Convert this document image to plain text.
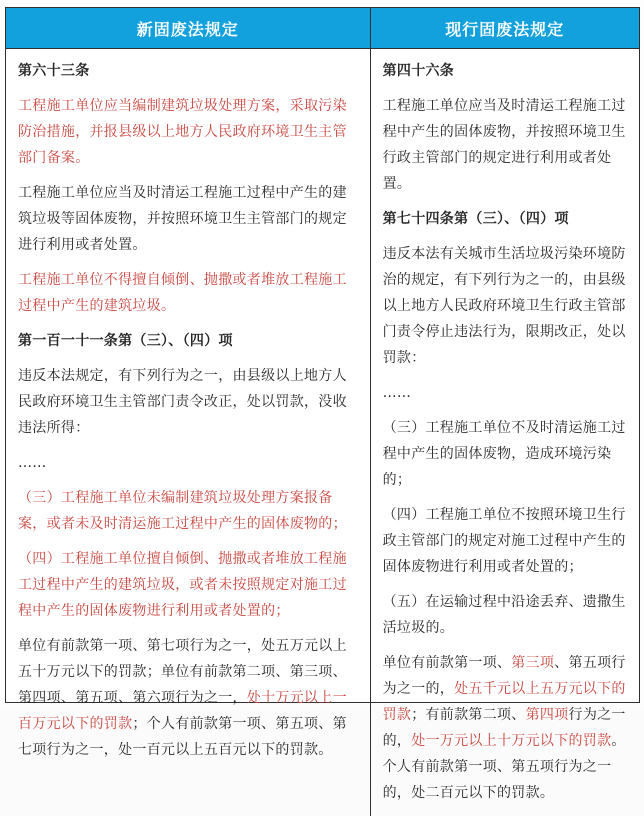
新固废法规定	现行固废法规定

第六十三条

工程施工单位应当编制建筑垃圾处理方案，采取污染防治措施，并报县级以上地方人民政府环境卫生主管部门备案。

工程施工单位应当及时清运工程施工过程中产生的建筑垃圾等固体废物，并按照环境卫生主管部门的规定进行利用或者处置。

工程施工单位不得擅自倾倒、抛撒或者堆放工程施工过程中产生的建筑垃圾。

第一百一十一条第（三）、（四）项

违反本法规定，有下列行为之一，由县级以上地方人民政府环境卫生主管部门责令改正，处以罚款，没收违法所得：

……

（三）工程施工单位未编制建筑垃圾处理方案报备案，或者未及时清运施工过程中产生的固体废物的；

（四）工程施工单位擅自倾倒、抛撒或者堆放工程施工过程中产生的建筑垃圾，或者未按照规定对施工过程中产生的固体废物进行利用或者处置的；

单位有前款第一项、第七项行为之一，处五万元以上五十万元以下的罚款；单位有前款第二项、第三项、第四项、第五项、第六项行为之一，处十万元以上一百万元以下的罚款；个人有前款第一项、第五项、第七项行为之一，处一百元以上五百元以下的罚款。

第四十六条

工程施工单位应当及时清运工程施工过程中产生的固体废物，并按照环境卫生行政主管部门的规定进行利用或者处置。

第七十四条第（三）、（四）项

违反本法有关城市生活垃圾污染环境防治的规定，有下列行为之一的，由县级以上地方人民政府环境卫生行政主管部门责令停止违法行为，限期改正，处以罚款：

……

（三）工程施工单位不及时清运施工过程中产生的固体废物，造成环境污染的；

（四）工程施工单位不按照环境卫生行政主管部门的规定对施工过程中产生的固体废物进行利用或者处置的；

（五）在运输过程中沿途丢弃、遗撒生活垃圾的。

单位有前款第一项、第三项、第五项行为之一的，处五千元以上五万元以下的罚款；有前款第二项、第四项行为之一的，处一万元以上十万元以下的罚款。个人有前款第一项、第五项行为之一的，处二百元以下的罚款。
